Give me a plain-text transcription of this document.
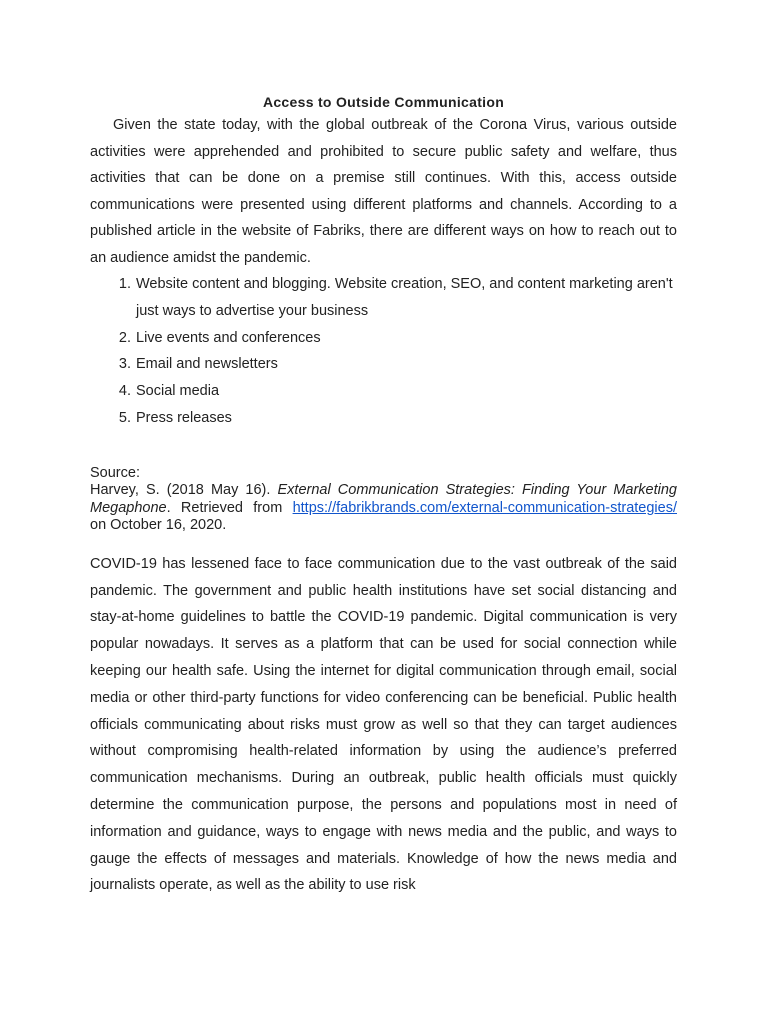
Access to Outside Communication

Given the state today, with the global outbreak of the Corona Virus, various outside activities were apprehended and prohibited to secure public safety and welfare, thus activities that can be done on a premise still continues. With this, access outside communications were presented using different platforms and channels. According to a published article in the website of Fabriks, there are different ways on how to reach out to an audience amidst the pandemic.

1. Website content and blogging. Website creation, SEO, and content marketing aren't just ways to advertise your business
2. Live events and conferences
3. Email and newsletters
4. Social media
5. Press releases
Source:
Harvey, S. (2018 May 16). External Communication Strategies: Finding Your Marketing Megaphone. Retrieved from https://fabrikbrands.com/external-communication-strategies/ on October 16, 2020.

COVID-19 has lessened face to face communication due to the vast outbreak of the said pandemic. The government and public health institutions have set social distancing and stay-at-home guidelines to battle the COVID-19 pandemic. Digital communication is very popular nowadays. It serves as a platform that can be used for social connection while keeping our health safe. Using the internet for digital communication through email, social media or other third-party functions for video conferencing can be beneficial. Public health officials communicating about risks must grow as well so that they can target audiences without compromising health-related information by using the audience’s preferred communication mechanisms. During an outbreak, public health officials must quickly determine the communication purpose, the persons and populations most in need of information and guidance, ways to engage with news media and the public, and ways to gauge the effects of messages and materials. Knowledge of how the news media and journalists operate, as well as the ability to use risk
